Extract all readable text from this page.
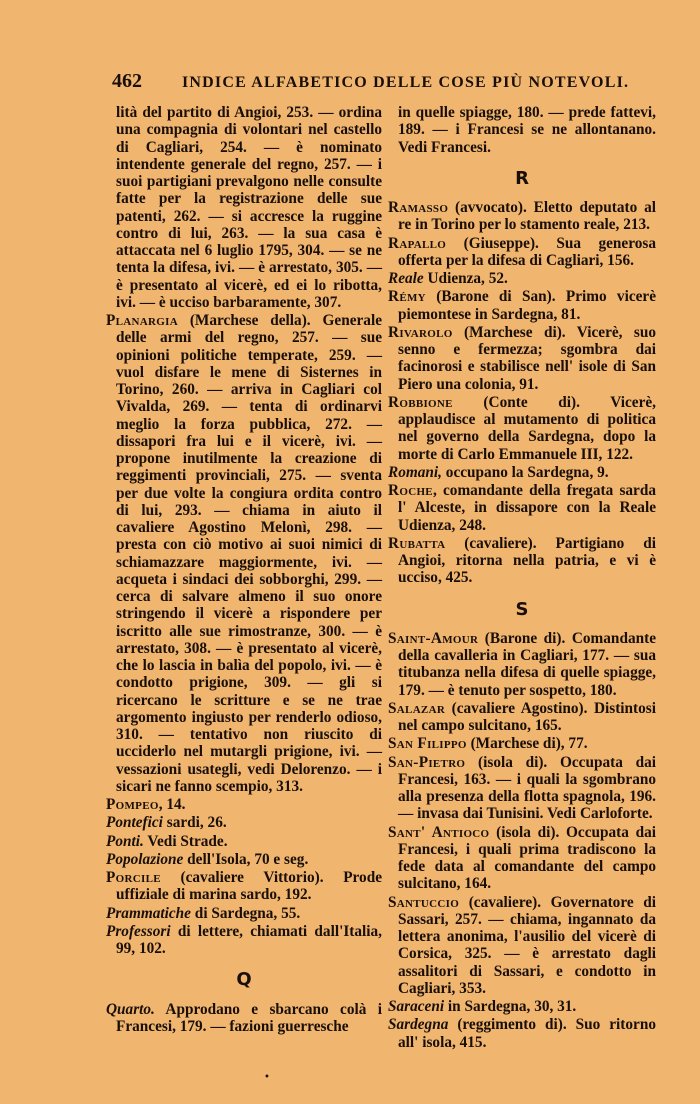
462	INDICE ALFABETICO DELLE COSE PIÙ NOTEVOLI.

lità del partito di Angioi, 253. — ordina una compagnia di volontari nel castello di Cagliari, 254. — è nominato intendente generale del regno, 257. — i suoi partigiani prevalgono nelle consulte fatte per la registrazione delle sue patenti, 262. — si accresce la ruggine contro di lui, 263. — la sua casa è attaccata nel 6 luglio 1795, 304. — se ne tenta la difesa, ivi. — è arrestato, 305. — è presentato al vicerè, ed ei lo ribotta, ivi. — è ucciso barbaramente, 307.

Planargia (Marchese della). Generale delle armi del regno, 257. — sue opinioni politiche temperate, 259. — vuol disfare le mene di Sisternes in Torino, 260. — arriva in Cagliari col Vivalda, 269. — tenta di ordinarvi meglio la forza pubblica, 272. — dissapori fra lui e il vicerè, ivi. — propone inutilmente la creazione di reggimenti provinciali, 275. — sventa per due volte la congiura ordita contro di lui, 293. — chiama in aiuto il cavaliere Agostino Melonì, 298. — presta con ciò motivo ai suoi nimici di schiamazzare maggiormente, ivi. — acqueta i sindaci dei sobborghi, 299. — cerca di salvare almeno il suo onore stringendo il vicerè a rispondere per iscritto alle sue rimostranze, 300. — è arrestato, 308. — è presentato al vicerè, che lo lascia in balìa del popolo, ivi. — è condotto prigione, 309. — gli si ricercano le scritture e se ne trae argomento ingiusto per renderlo odioso, 310. — tentativo non riuscito di ucciderlo nel mutargli prigione, ivi. — vessazioni usategli, vedi Delorenzo. — i sicari ne fanno scempio, 313.

Pompeo, 14.

Pontefici sardi, 26.

Ponti. Vedi Strade.

Popolazione dell'Isola, 70 e seg.

Porcile (cavaliere Vittorio). Prode uffiziale di marina sardo, 192.

Prammatiche di Sardegna, 55.

Professori di lettere, chiamati dall'Italia, 99, 102.

Q

Quarto. Approdano e sbarcano colà i Francesi, 179. — fazioni guerresche

in quelle spiagge, 180. — prede fattevi, 189. — i Francesi se ne allontanano. Vedi Francesi.

R

Ramasso (avvocato). Eletto deputato al re in Torino per lo stamento reale, 213.

Rapallo (Giuseppe). Sua generosa offerta per la difesa di Cagliari, 156.

Reale Udienza, 52.

Rémy (Barone di San). Primo vicerè piemontese in Sardegna, 81.

Rivarolo (Marchese di). Vicerè, suo senno e fermezza; sgombra dai facinorosi e stabilisce nell' isole di San Piero una colonia, 91.

Robbione (Conte di). Vicerè, applaudisce al mutamento di politica nel governo della Sardegna, dopo la morte di Carlo Emmanuele III, 122.

Romani, occupano la Sardegna, 9.

Roche, comandante della fregata sarda l' Alceste, in dissapore con la Reale Udienza, 248.

Rubatta (cavaliere). Partigiano di Angioi, ritorna nella patria, e vi è ucciso, 425.

S

Saint-Amour (Barone di). Comandante della cavalleria in Cagliari, 177. — sua titubanza nella difesa di quelle spiagge, 179. — è tenuto per sospetto, 180.

Salazar (cavaliere Agostino). Distintosi nel campo sulcitano, 165.

San Filippo (Marchese di), 77.

San-Pietro (isola di). Occupata dai Francesi, 163. — i quali la sgombrano alla presenza della flotta spagnola, 196. — invasa dai Tunisini. Vedi Carloforte.

Sant' Antioco (isola di). Occupata dai Francesi, i quali prima tradiscono la fede data al comandante del campo sulcitano, 164.

Santuccio (cavaliere). Governatore di Sassari, 257. — chiama, ingannato da lettera anonima, l'ausilio del vicerè di Corsica, 325. — è arrestato dagli assalitori di Sassari, e condotto in Cagliari, 353.

Saraceni in Sardegna, 30, 31.

Sardegna (reggimento di). Suo ritorno all' isola, 415.

•
